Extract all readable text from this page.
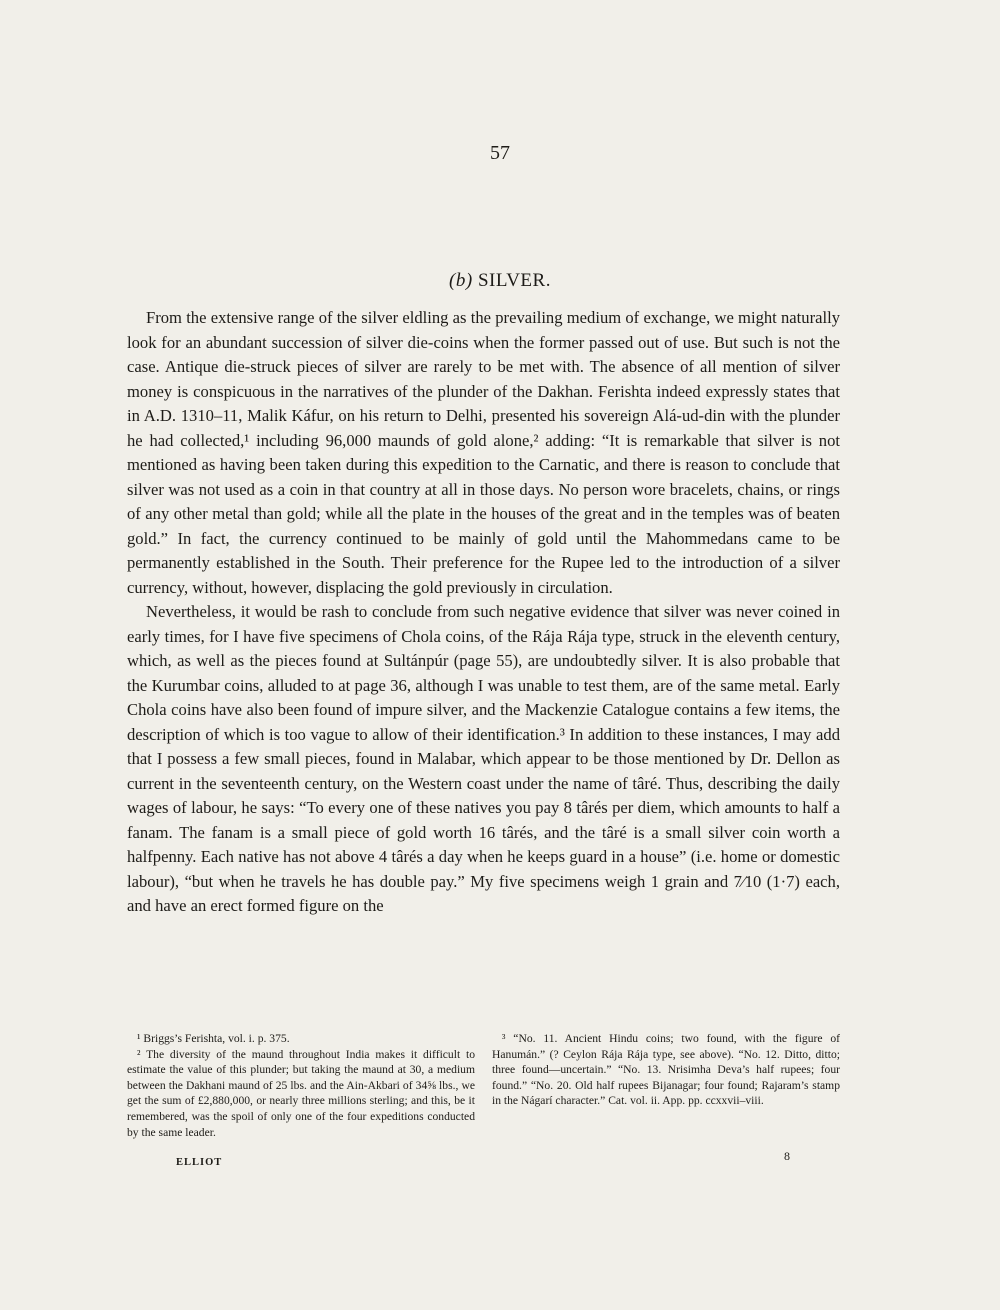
57
(b) SILVER.

From the extensive range of the silver eldling as the prevailing medium of exchange, we might naturally look for an abundant succession of silver die-coins when the former passed out of use. But such is not the case. Antique die-struck pieces of silver are rarely to be met with. The absence of all mention of silver money is conspicuous in the narratives of the plunder of the Dakhan. Ferishta indeed expressly states that in A.D. 1310–11, Malik Káfur, on his return to Delhi, presented his sovereign Alá-ud-din with the plunder he had collected,¹ including 96,000 maunds of gold alone,² adding: “It is remarkable that silver is not mentioned as having been taken during this expedition to the Carnatic, and there is reason to conclude that silver was not used as a coin in that country at all in those days. No person wore bracelets, chains, or rings of any other metal than gold; while all the plate in the houses of the great and in the temples was of beaten gold.” In fact, the currency continued to be mainly of gold until the Mahommedans came to be permanently established in the South. Their preference for the Rupee led to the introduction of a silver currency, without, however, displacing the gold previously in circulation.

Nevertheless, it would be rash to conclude from such negative evidence that silver was never coined in early times, for I have five specimens of Chola coins, of the Rája Rája type, struck in the eleventh century, which, as well as the pieces found at Sultánpúr (page 55), are undoubtedly silver. It is also probable that the Kurumbar coins, alluded to at page 36, although I was unable to test them, are of the same metal. Early Chola coins have also been found of impure silver, and the Mackenzie Catalogue contains a few items, the description of which is too vague to allow of their identification.³ In addition to these instances, I may add that I possess a few small pieces, found in Malabar, which appear to be those mentioned by Dr. Dellon as current in the seventeenth century, on the Western coast under the name of târé. Thus, describing the daily wages of labour, he says: “To every one of these natives you pay 8 târés per diem, which amounts to half a fanam. The fanam is a small piece of gold worth 16 târés, and the târé is a small silver coin worth a halfpenny. Each native has not above 4 târés a day when he keeps guard in a house” (i.e. home or domestic labour), “but when he travels he has double pay.” My five specimens weigh 1 grain and 7⁄10 (1·7) each, and have an erect formed figure on the

¹ Briggs’s Ferishta, vol. i. p. 375.

² The diversity of the maund throughout India makes it difficult to estimate the value of this plunder; but taking the maund at 30, a medium between the Dakhani maund of 25 lbs. and the Ain-Akbari of 34⅝ lbs., we get the sum of £2,880,000, or nearly three millions sterling; and this, be it remembered, was the spoil of only one of the four expeditions conducted by the same leader.

³ “No. 11. Ancient Hindu coins; two found, with the figure of Hanumán.” (? Ceylon Rája Rája type, see above). “No. 12. Ditto, ditto; three found—uncertain.” “No. 13. Nrisimha Deva’s half rupees; four found.” “No. 20. Old half rupees Bijanagar; four found; Rajaram’s stamp in the Nágarí character.” Cat. vol. ii. App. pp. ccxxvii–viii.

ELLIOT	8
